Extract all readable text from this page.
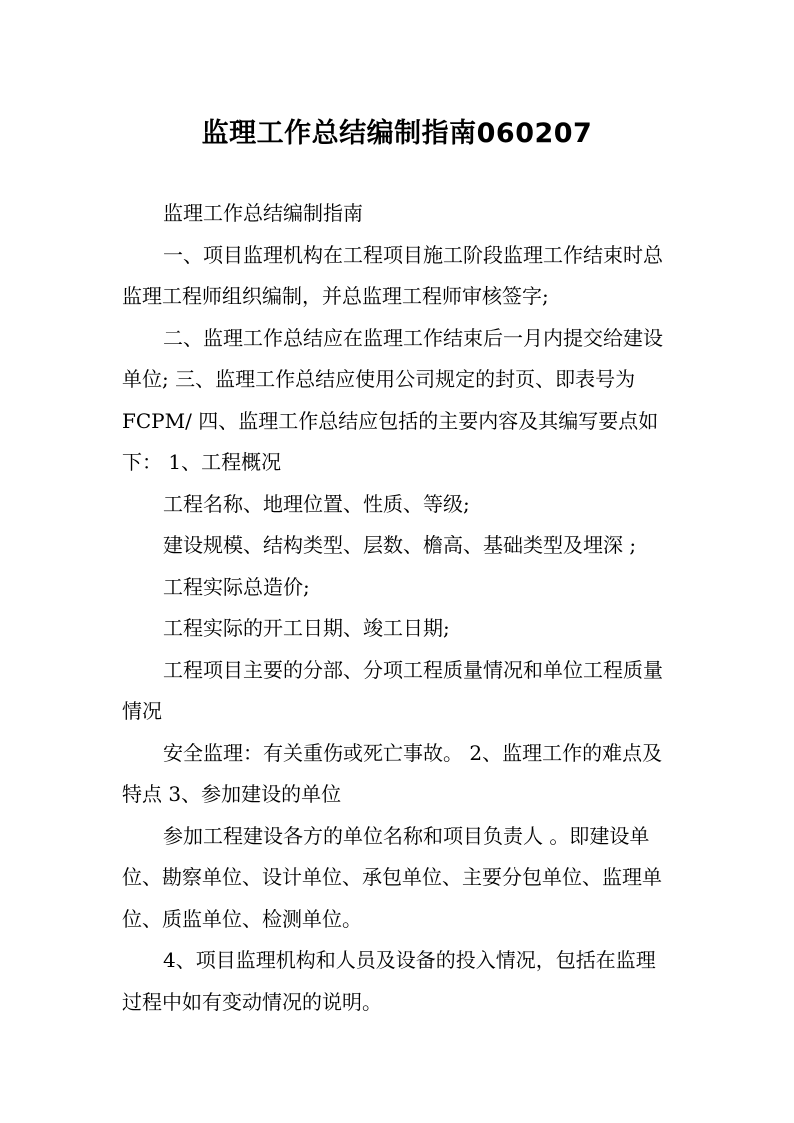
监理工作总结编制指南060207

监理工作总结编制指南

一、项目监理机构在工程项目施工阶段监理工作结束时总监理工程师组织编制，并总监理工程师审核签字;

二、监理工作总结应在监理工作结束后一月内提交给建设单位; 三、监理工作总结应使用公司规定的封页、即表号为FCPM/ 四、监理工作总结应包括的主要内容及其编写要点如下： 1、工程概况

工程名称、地理位置、性质、等级;

建设规模、结构类型、层数、檐高、基础类型及埋深 ;

工程实际总造价;

工程实际的开工日期、竣工日期;

工程项目主要的分部、分项工程质量情况和单位工程质量情况

安全监理：有关重伤或死亡事故。 2、监理工作的难点及特点 3、参加建设的单位

参加工程建设各方的单位名称和项目负责人 。即建设单位、勘察单位、设计单位、承包单位、主要分包单位、监理单位、质监单位、检测单位。

4、项目监理机构和人员及设备的投入情况，包括在监理过程中如有变动情况的说明。
